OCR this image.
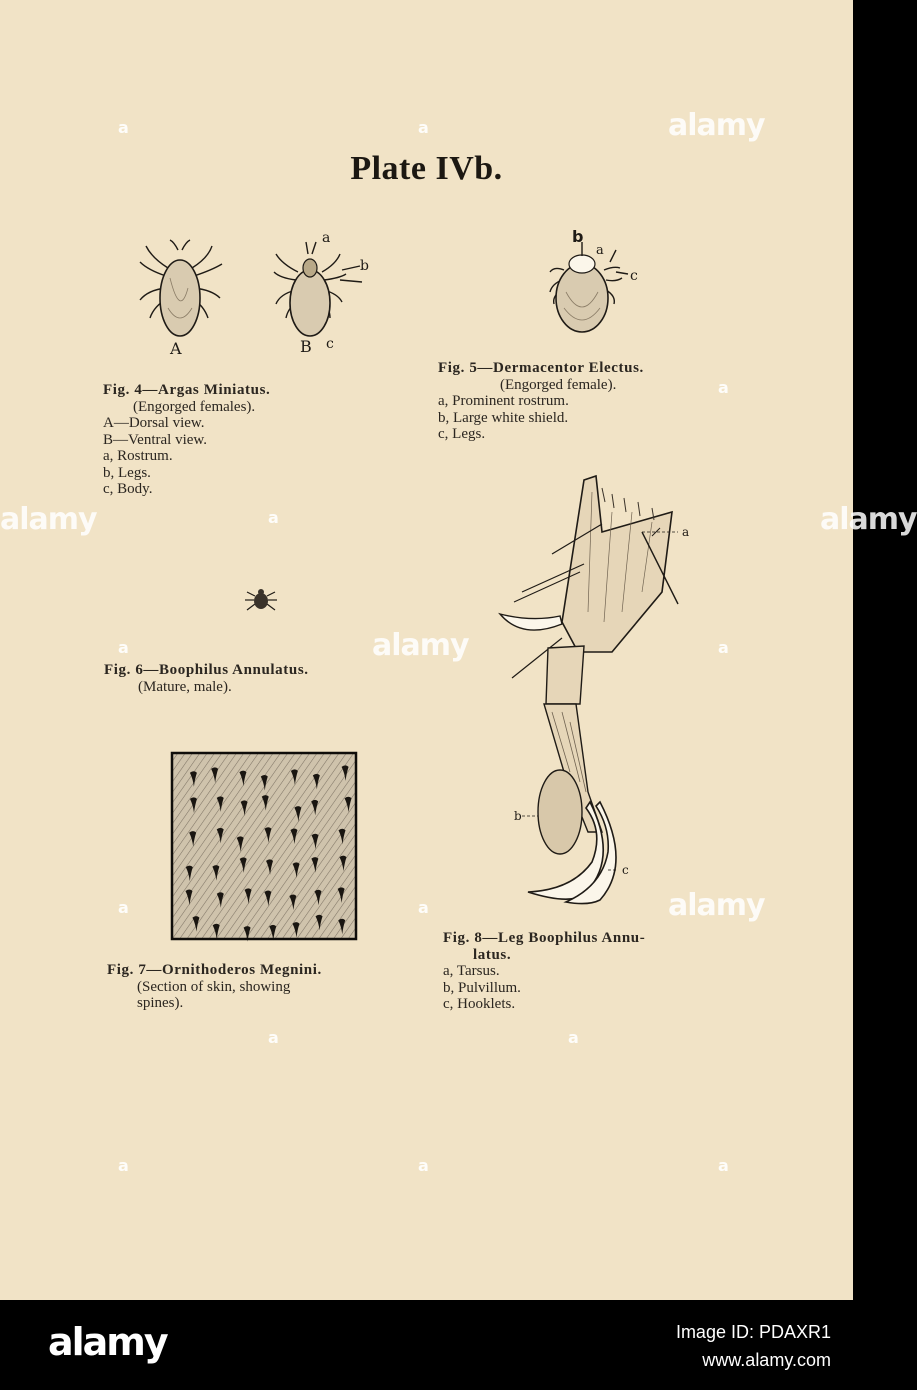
alamy
alamy
alamy
alamy	alamy
a	a
a
a
a
a
a	a
a	a
a	a	a
Plate IVb.
A
a
b
B c
Fig. 4—Argas Miniatus.
(Engorged females).
A—Dorsal view.
B—Ventral view.
a, Rostrum.
b, Legs.
c, Body.
b
a
c
Fig. 5—Dermacentor Electus.
(Engorged female).
a, Prominent rostrum.
b, Large white shield.
c, Legs.
Fig. 6—Boophilus Annulatus.
(Mature, male).
Fig. 7—Ornithoderos Megnini.
(Section of skin, showing
spines).
a
b
c
Fig. 8—Leg Boophilus Annu-
latus.
a, Tarsus.
b, Pulvillum.
c, Hooklets.
alamy	Image ID: PDAXR1
www.alamy.com
